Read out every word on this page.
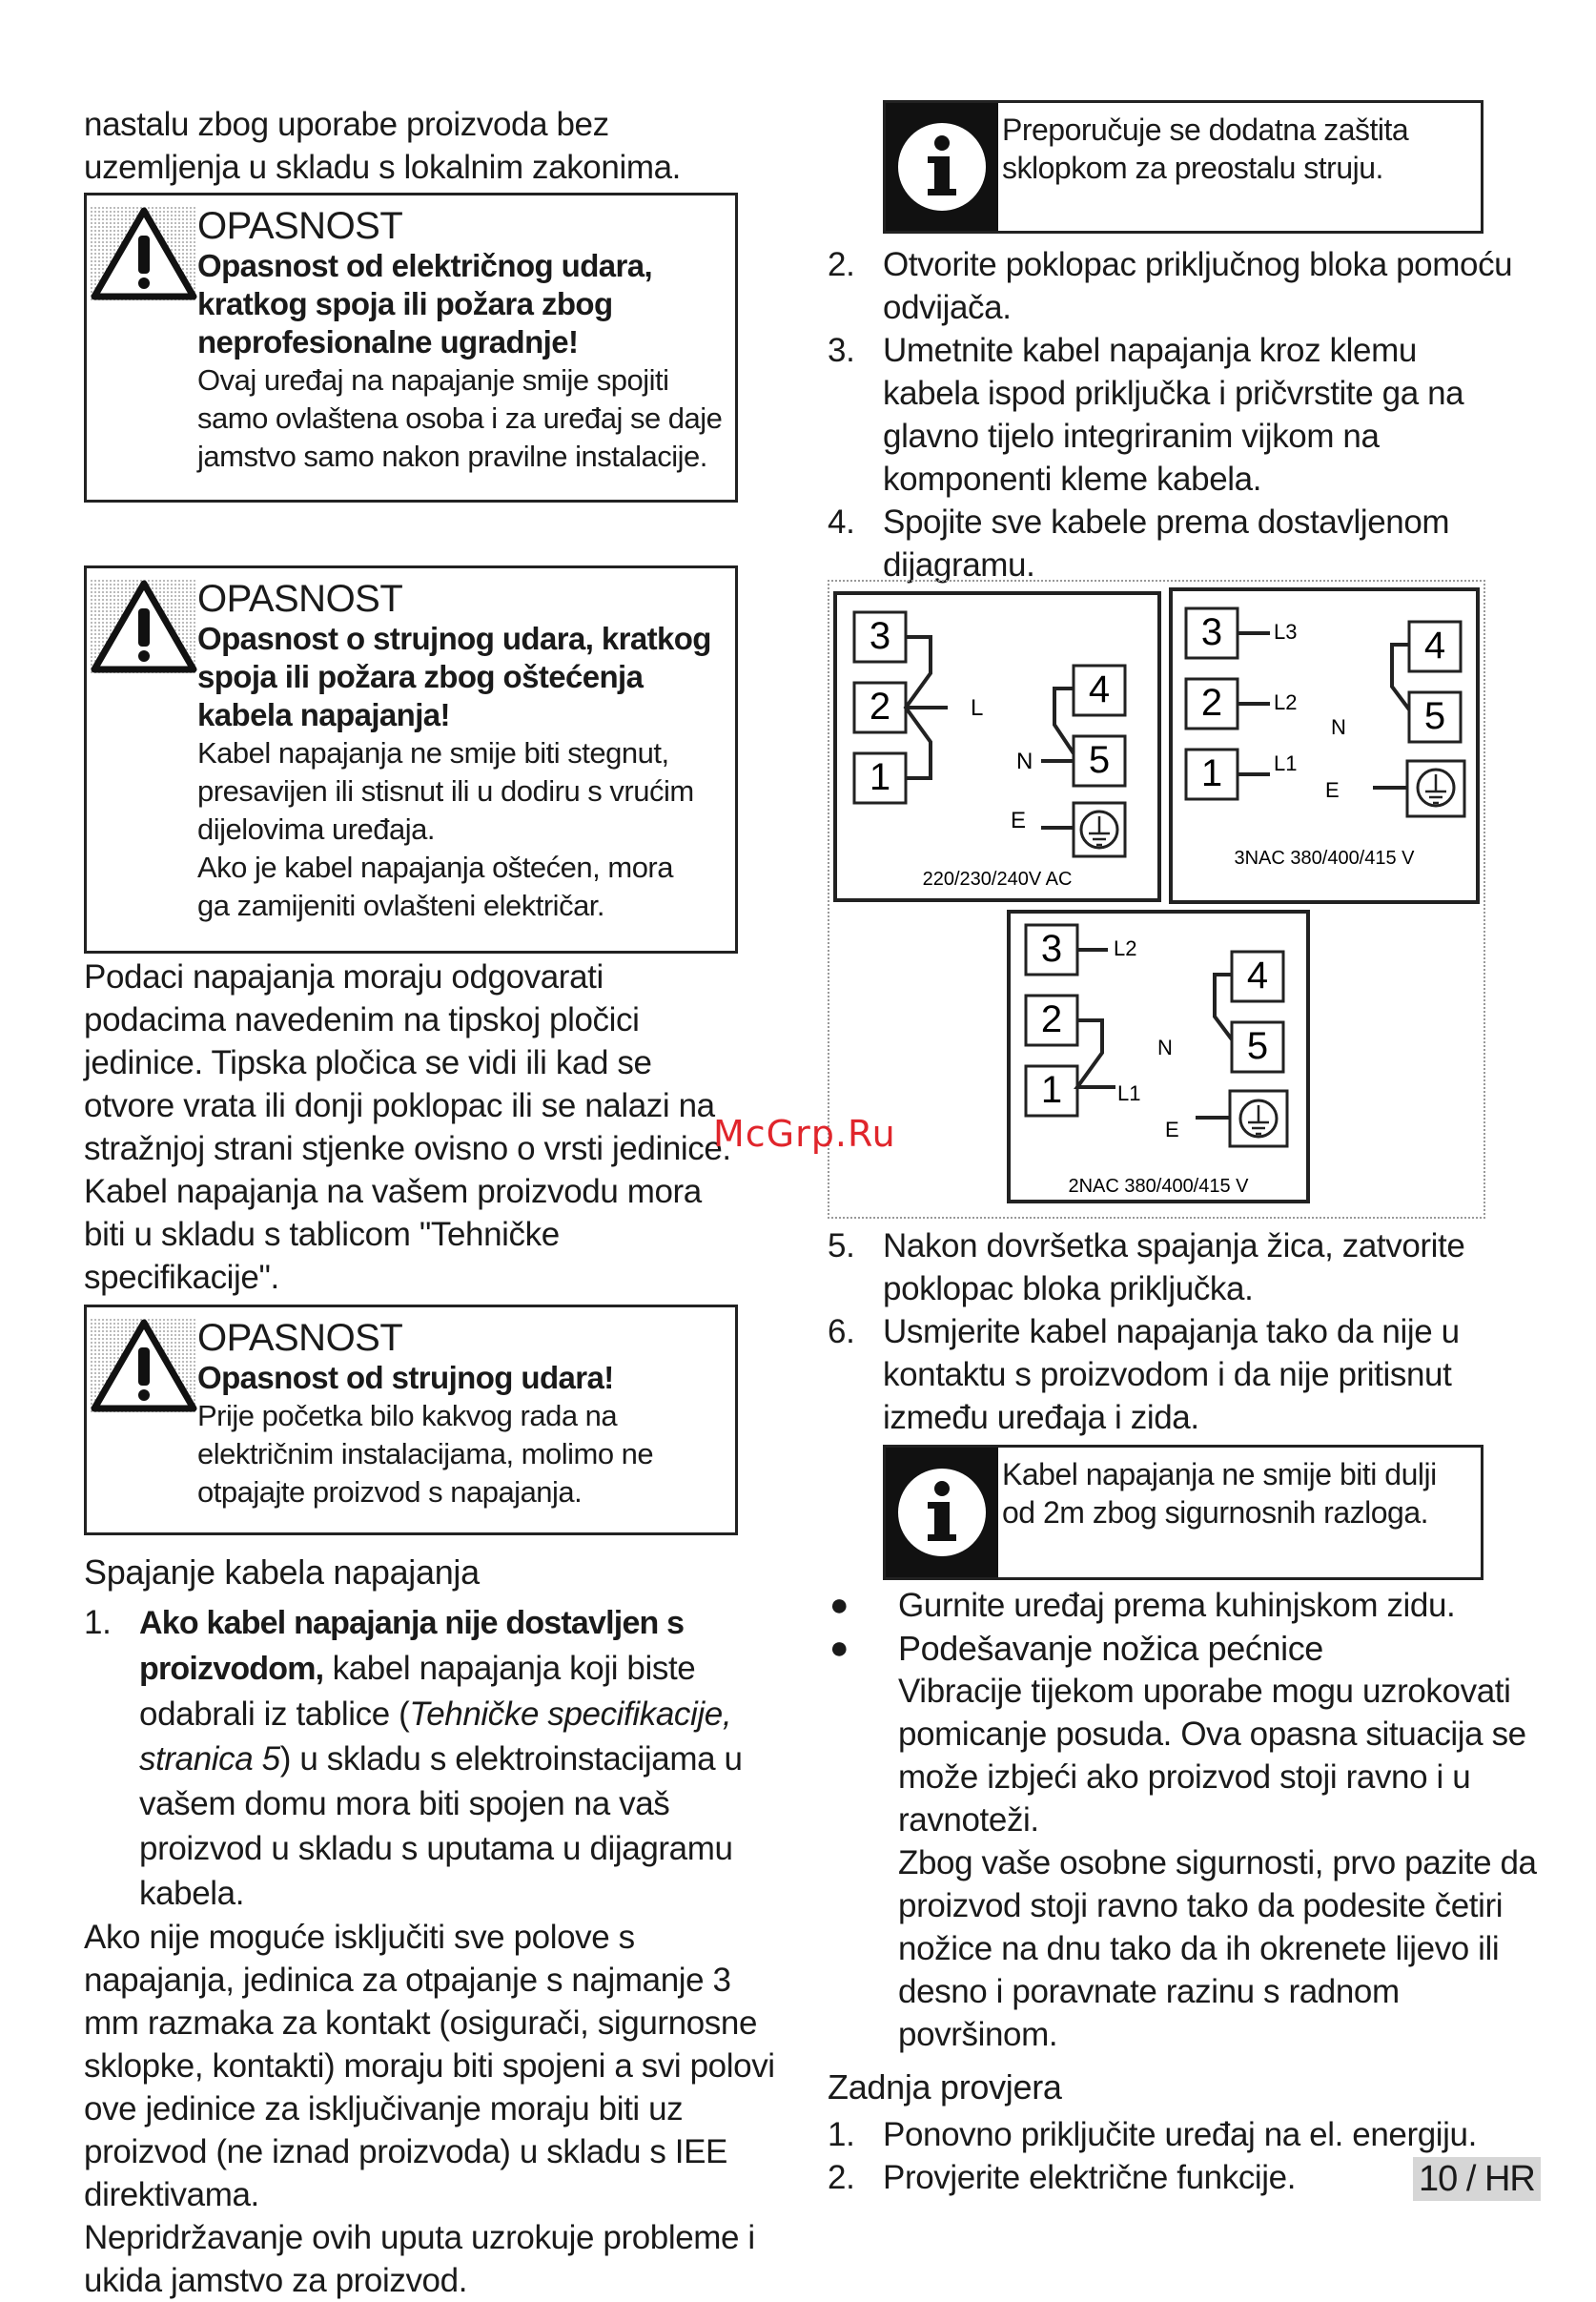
nastalu zbog uporabe proizvoda bez uzemljenja u skladu s lokalnim zakonima.

OPASNOST
Opasnost od električnog udara, kratkog spoja ili požara zbog neprofesionalne ugradnje!
Ovaj uređaj na napajanje smije spojiti samo ovlaštena osoba i za uređaj se daje jamstvo samo nakon pravilne instalacije.
OPASNOST
Opasnost o strujnog udara, kratkog spoja ili požara zbog oštećenja kabela napajanja!
Kabel napajanja ne smije biti stegnut, presavijen ili stisnut ili u dodiru s vrućim dijelovima uređaja.
Ako je kabel napajanja oštećen, mora ga zamijeniti ovlašteni električar.

Podaci napajanja moraju odgovarati podacima navedenim na tipskoj pločici jedinice. Tipska pločica se vidi ili kad se otvore vrata ili donji poklopac ili se nalazi na stražnjoj strani stjenke ovisno o vrsti jedinice.

Kabel napajanja na vašem proizvodu mora biti u skladu s tablicom "Tehničke specifikacije".

OPASNOST
Opasnost od strujnog udara!
Prije početka bilo kakvog rada na električnim instalacijama, molimo ne otpajajte proizvod s napajanja.
Spajanje kabela napajanja
1. Ako kabel napajanja nije dostavljen s proizvodom, kabel napajanja koji biste odabrali iz tablice (Tehničke specifikacije, stranica 5) u skladu s elektroinstacijama u vašem domu mora biti spojen na vaš proizvod u skladu s uputama u dijagramu kabela.

Ako nije moguće isključiti sve polove s napajanja, jedinica za otpajanje s najmanje 3 mm razmaka za kontakt (osigurači, sigurnosne sklopke, kontakti) moraju biti spojeni a svi polovi ove jedinice za isključivanje moraju biti uz proizvod (ne iznad proizvoda) u skladu s IEE direktivama.

Nepridržavanje ovih uputa uzrokuje probleme i ukida jamstvo za proizvod.

Preporučuje se dodatna zaštita sklopkom za preostalu struju.
2. Otvorite poklopac priključnog bloka pomoću odvijača.
3. Umetnite kabel napajanja kroz klemu kabela ispod priključka i pričvrstite ga na glavno tijelo integriranim vijkom na komponenti kleme kabela.
4. Spojite sve kabele prema dostavljenom dijagramu.
3
2
1
L	4
5
N
E
220/230/240V AC
3
2
1
L3
L2
L1
N
E
4
5
3NAC 380/400/415 V
3
2
1
L2
L1
N
E
4
5
2NAC 380/400/415 V
McGrp.Ru
5. Nakon dovršetka spajanja žica, zatvorite poklopac bloka priključka.
6. Usmjerite kabel napajanja tako da nije u kontaktu s proizvodom i da nije pritisnut između uređaja i zida.
Kabel napajanja ne smije biti dulji od 2m zbog sigurnosnih razloga.
● Gurnite uređaj prema kuhinjskom zidu.
● Podešavanje nožica pećnice
Vibracije tijekom uporabe mogu uzrokovati pomicanje posuda. Ova opasna situacija se može izbjeći ako proizvod stoji ravno i u ravnoteži.
Zbog vaše osobne sigurnosti, prvo pazite da proizvod stoji ravno tako da podesite četiri nožice na dnu tako da ih okrenete lijevo ili desno i poravnate razinu s radnom površinom.
Zadnja provjera
1. Ponovno priključite uređaj na el. energiju.
2. Provjerite električne funkcije.	10 / HR
